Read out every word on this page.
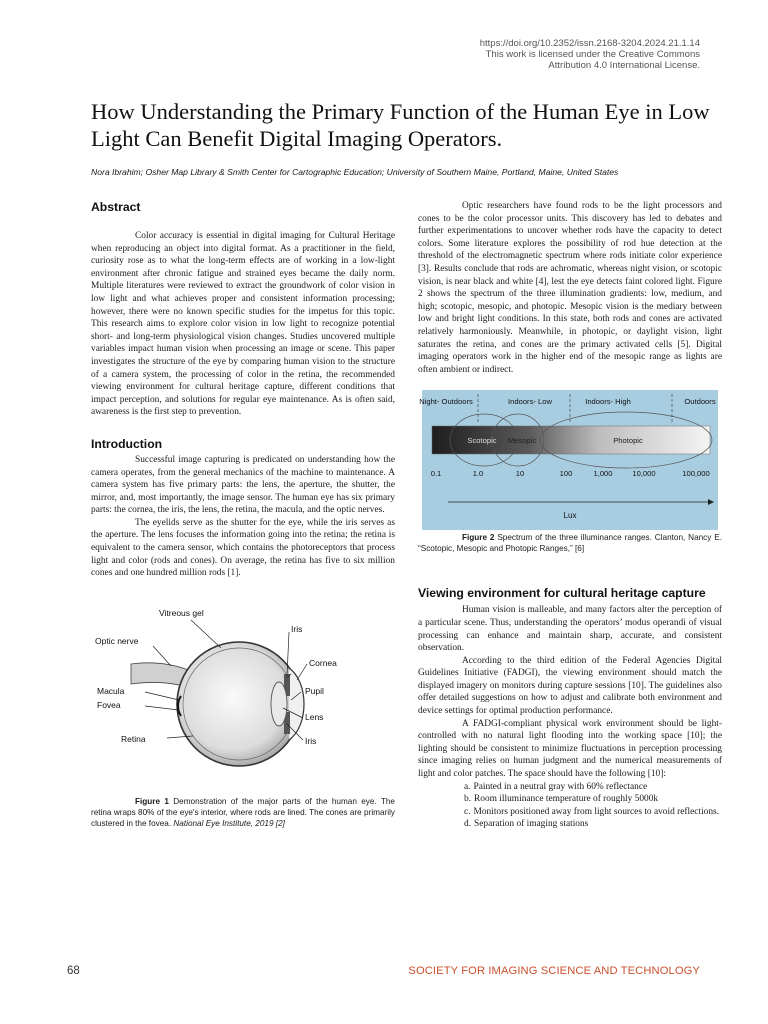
https://doi.org/10.2352/issn.2168-3204.2024.21.1.14
This work is licensed under the Creative Commons
Attribution 4.0 International License.
How Understanding the Primary Function of the Human Eye in Low Light Can Benefit Digital Imaging Operators.

Nora Ibrahim; Osher Map Library & Smith Center for Cartographic Education; University of Southern Maine, Portland, Maine, United States

Abstract

Color accuracy is essential in digital imaging for Cultural Heritage when reproducing an object into digital format. As a practitioner in the field, curiosity rose as to what the long-term effects are of working in a low-light environment after chronic fatigue and strained eyes became the daily norm. Multiple literatures were reviewed to extract the groundwork of color vision in low light and what achieves proper and consistent information processing; however, there were no known specific studies for the impetus for this topic. This research aims to explore color vision in low light to recognize potential short- and long-term physiological vision changes. Studies uncovered multiple variables impact human vision when processing an image or scene. This paper investigates the structure of the eye by comparing human vision to the structure of a camera system, the processing of color in the retina, the recommended viewing environment for cultural heritage capture, different conditions that impact perception, and solutions for regular eye maintenance. As is often said, awareness is the first step to prevention.

Introduction

Successful image capturing is predicated on understanding how the camera operates, from the general mechanics of the machine to maintenance. A camera system has five primary parts: the lens, the aperture, the shutter, the mirror, and, most importantly, the image sensor. The human eye has six primary parts: the cornea, the iris, the lens, the retina, the macula, and the optic nerves.

The eyelids serve as the shutter for the eye, while the iris serves as the aperture. The lens focuses the information going into the retina; the retina is equivalent to the camera sensor, which contains the photoreceptors that process light and color (rods and cones). On average, the retina has five to six million cones and one hundred million rods [1].

Vitreous gel
Optic nerve
Macula
Fovea
Retina
Iris
Cornea
Pupil
Lens
Iris

Figure 1 Demonstration of the major parts of the human eye. The retina wraps 80% of the eye's interior, where rods are lined. The cones are primarily clustered in the fovea. National Eye Institute, 2019 [2]

Optic researchers have found rods to be the light processors and cones to be the color processor units. This discovery has led to debates and further experimentations to uncover whether rods have the capacity to detect colors. Some literature explores the possibility of rod hue detection at the threshold of the electromagnetic spectrum where rods initiate color experience [3]. Results conclude that rods are achromatic, whereas night vision, or scotopic vision, is near black and white [4], lest the eye detects faint colored light. Figure 2 shows the spectrum of the three illumination gradients: low, medium, and high; scotopic, mesopic, and photopic. Mesopic vision is the mediary between low and bright light conditions. In this state, both rods and cones are activated relatively harmoniously. Meanwhile, in photopic, or daylight vision, light saturates the retina, and cones are the primary activated cells [5]. Digital imaging operators work in the higher end of the mesopic range as lights are often ambient or indirect.

Scotopic Mesopic	Photopic
Night- Outdoors	Indoors- Low	Indoors- High	Outdoors
0.1	1.0	10	100	1,000	10,000	100,000
Lux

Figure 2 Spectrum of the three illuminance ranges. Clanton, Nancy E. “Scotopic, Mesopic and Photopic Ranges,” [6]

Viewing environment for cultural heritage capture

Human vision is malleable, and many factors alter the perception of a particular scene. Thus, understanding the operators’ modus operandi of visual processing can enhance and maintain sharp, accurate, and consistent observation.

According to the third edition of the Federal Agencies Digital Guidelines Initiative (FADGI), the viewing environment should match the displayed imagery on monitors during capture sessions [10]. The guidelines also offer detailed suggestions on how to adjust and calibrate both environment and device settings for optimal production performance.

A FADGI-compliant physical work environment should be light-controlled with no natural light flooding into the working space [10]; the lighting should be consistent to minimize fluctuations in perception processing since imaging relies on human judgment and the numerical measurements of light and color patches. The space should have the following [10]:

a. Painted in a neutral gray with 60% reflectance
b. Room illuminance temperature of roughly 5000k
c. Monitors positioned away from light sources to avoid reflections.
d. Separation of imaging stations
68	SOCIETY FOR IMAGING SCIENCE AND TECHNOLOGY
